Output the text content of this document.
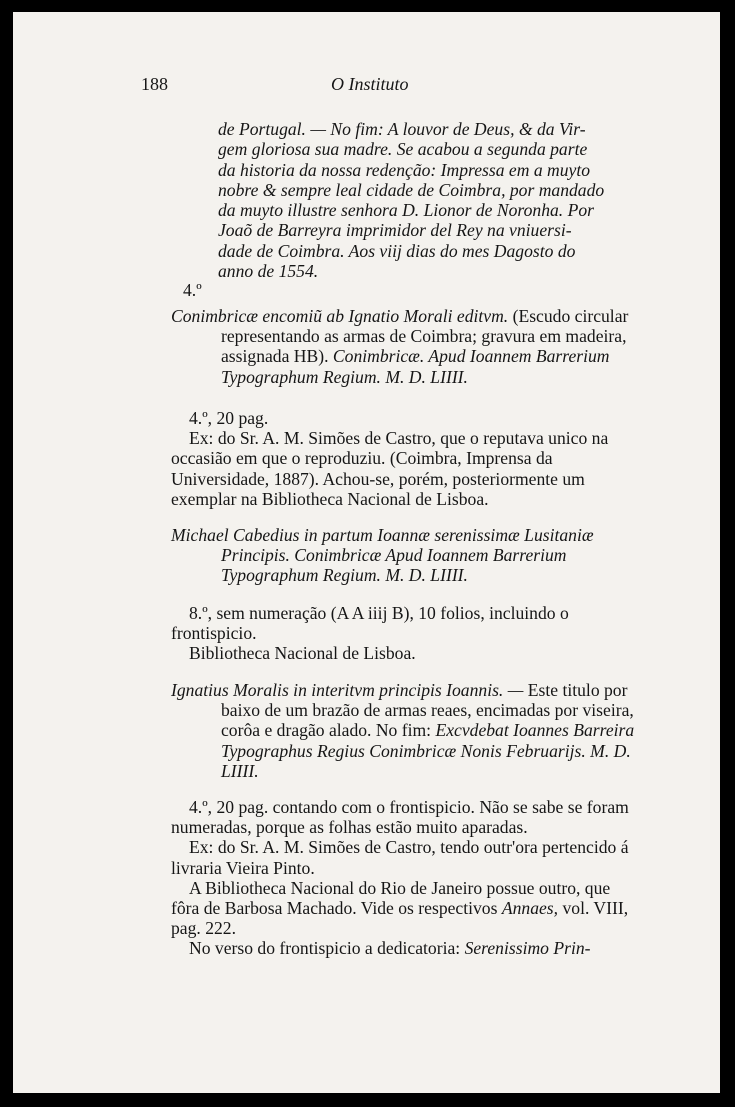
188	O Instituto
de Portugal. — No fim: A louvor de Deus, & da Vir-
gem gloriosa sua madre. Se acabou a segunda parte
da historia da nossa redenção: Impressa em a muyto
nobre & sempre leal cidade de Coimbra, por mandado
da muyto illustre senhora D. Lionor de Noronha. Por
Joaõ de Barreyra imprimidor del Rey na vniuersi-
dade de Coimbra. Aos viij dias do mes Dagosto do
anno de 1554.
4.º

Conimbricæ encomiũ ab Ignatio Morali editvm. (Escudo circular representando as armas de Coimbra; gravura em madeira, assignada HB). Conimbricæ. Apud Ioannem Barrerium Typographum Regium. M. D. LIIII.

4.º, 20 pag.

Ex: do Sr. A. M. Simões de Castro, que o reputava unico na occasião em que o reproduziu. (Coimbra, Imprensa da Universidade, 1887). Achou-se, porém, posteriormente um exemplar na Bibliotheca Nacional de Lisboa.

Michael Cabedius in partum Ioannæ serenissimæ Lusitaniæ Principis. Conimbricæ Apud Ioannem Barrerium Typographum Regium. M. D. LIIII.

8.º, sem numeração (A A iiij B), 10 folios, incluindo o frontispicio.

Bibliotheca Nacional de Lisboa.

Ignatius Moralis in interitvm principis Ioannis. — Este titulo por baixo de um brazão de armas reaes, encimadas por viseira, corôa e dragão alado. No fim: Excvdebat Ioannes Barreira Typographus Regius Conimbricæ Nonis Februarijs. M. D. LIIII.

4.º, 20 pag. contando com o frontispicio. Não se sabe se foram numeradas, porque as folhas estão muito aparadas.

Ex: do Sr. A. M. Simões de Castro, tendo outr'ora pertencido á livraria Vieira Pinto.

A Bibliotheca Nacional do Rio de Janeiro possue outro, que fôra de Barbosa Machado. Vide os respectivos Annaes, vol. VIII, pag. 222.

No verso do frontispicio a dedicatoria: Serenissimo Prin-
